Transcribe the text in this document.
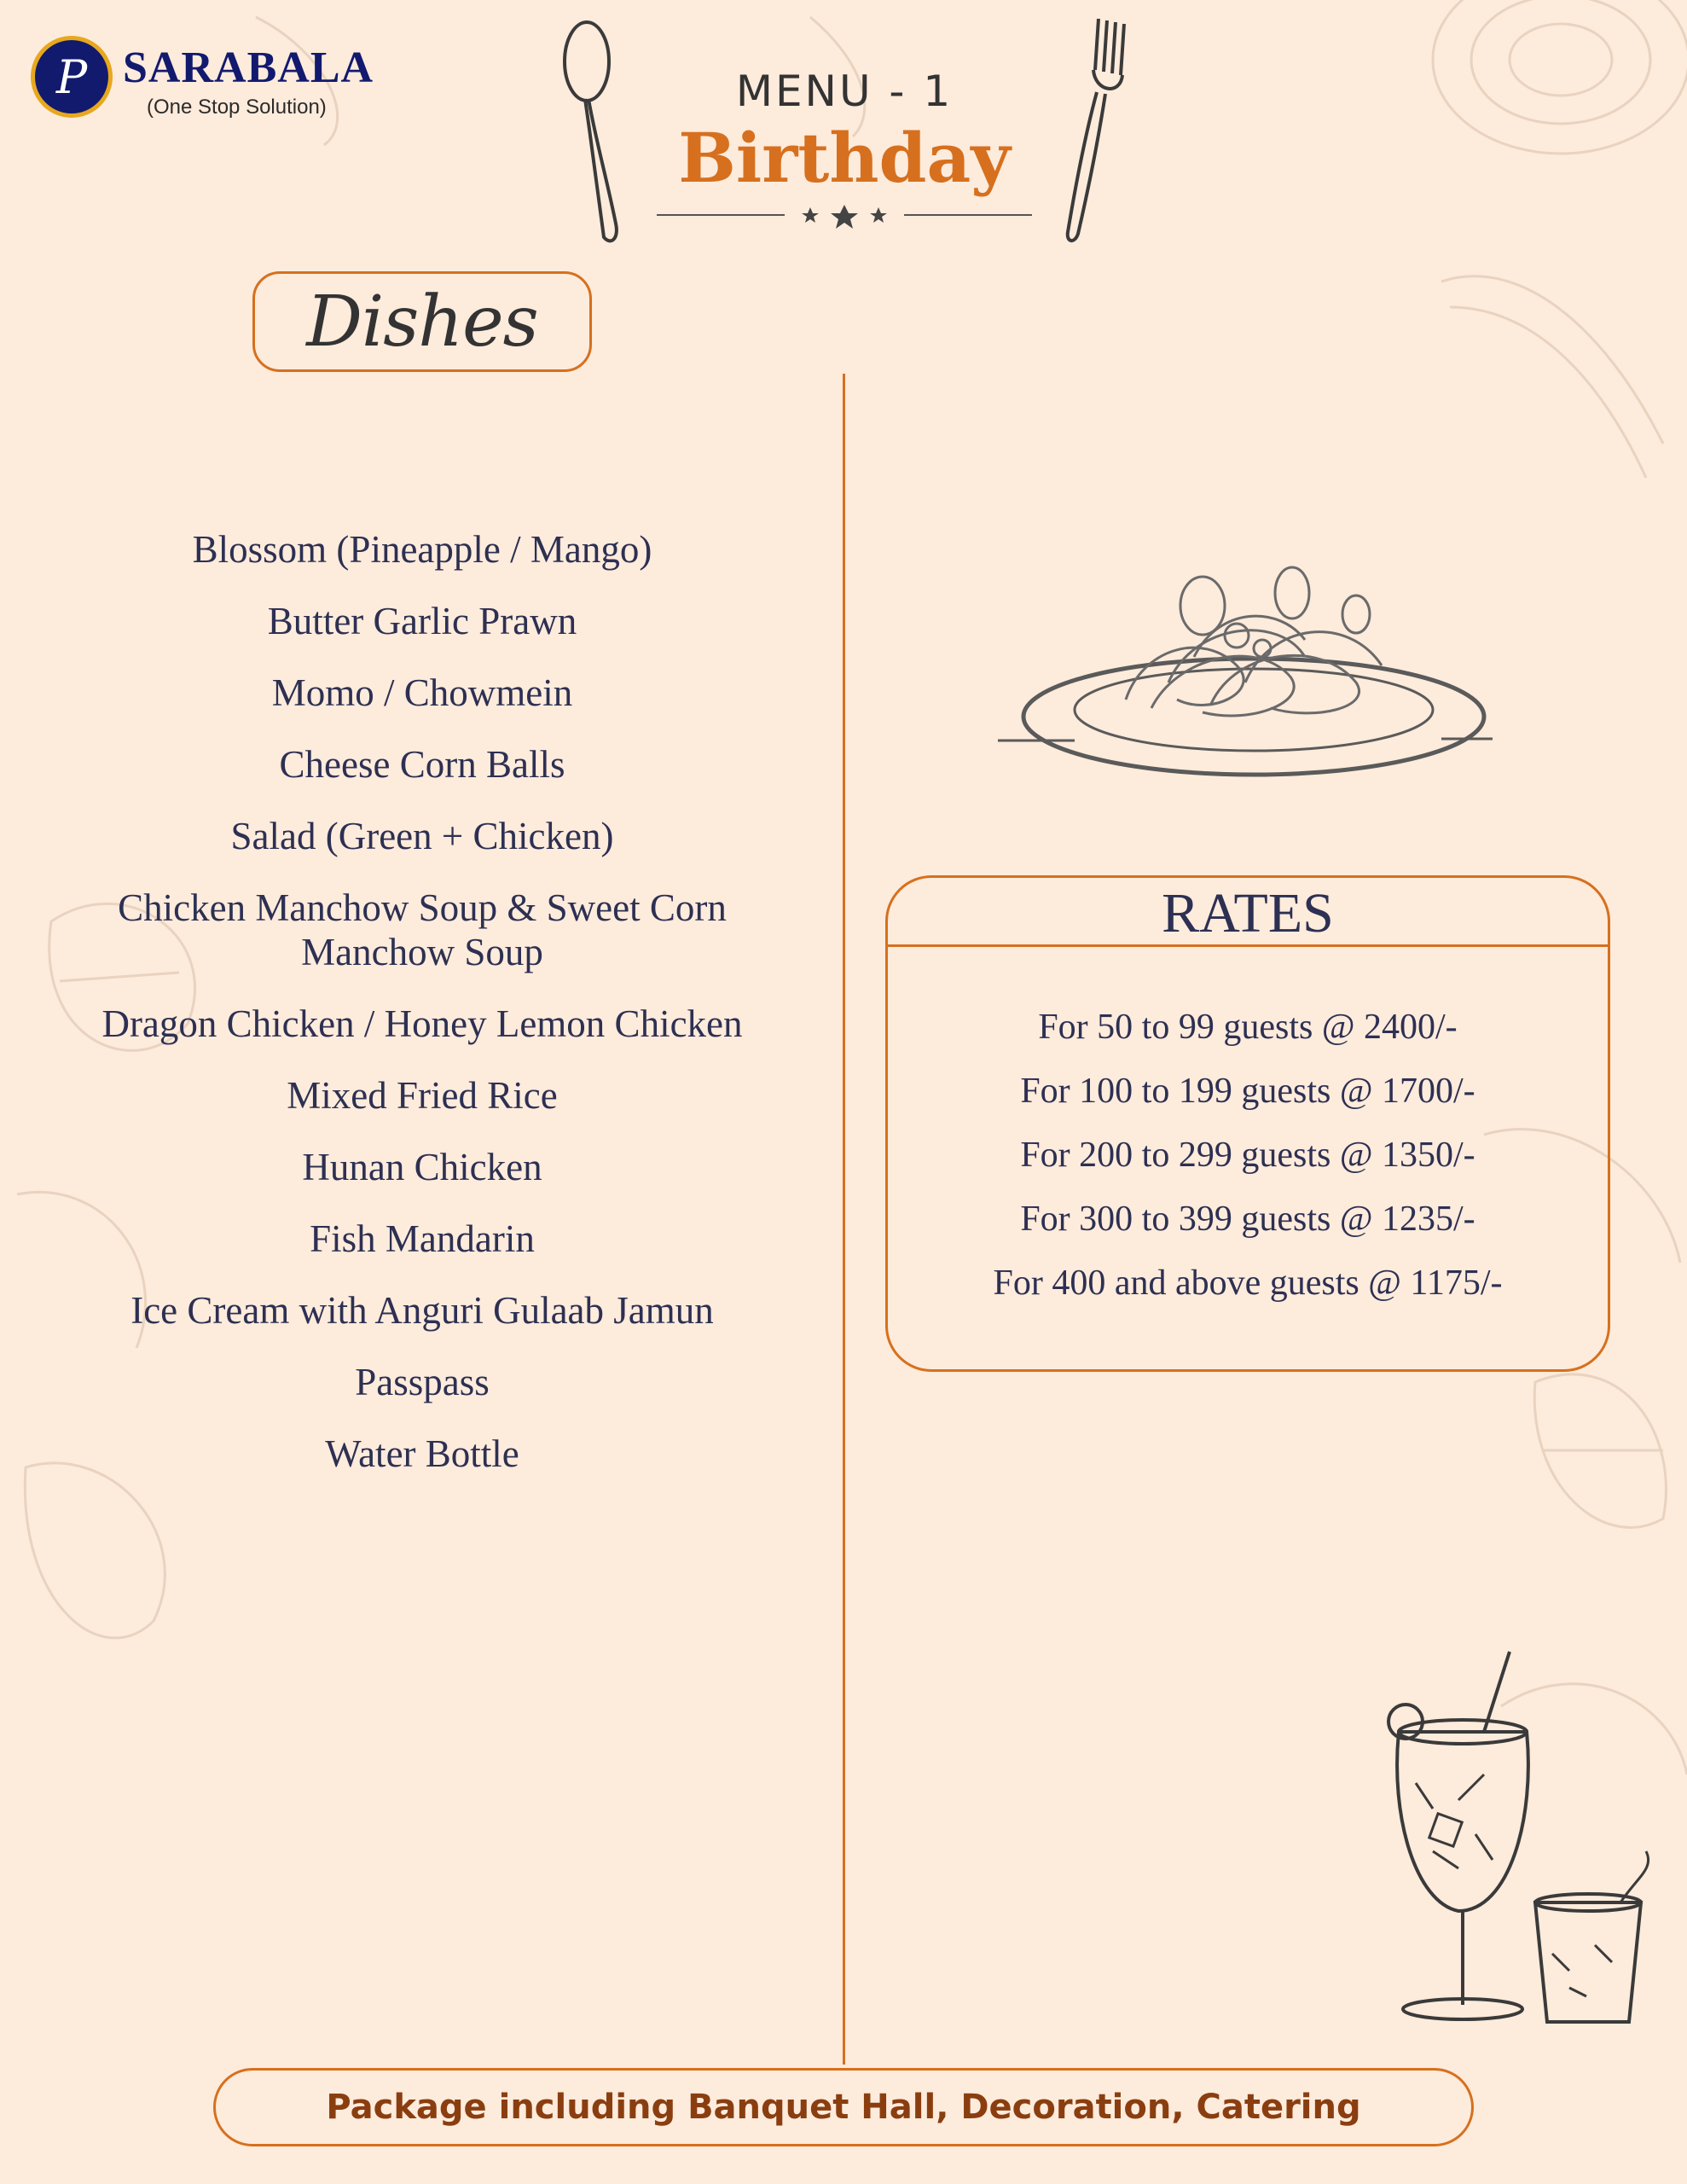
P SARABALA
(One Stop Solution)	MENU - 1
Birthday
Dishes
Blossom (Pineapple / Mango)
Butter Garlic Prawn
Momo / Chowmein
Cheese Corn Balls
Salad (Green + Chicken)
Chicken Manchow Soup & Sweet Corn Manchow Soup
Dragon Chicken / Honey Lemon Chicken
Mixed Fried Rice
Hunan Chicken
Fish Mandarin
Ice Cream with Anguri Gulaab Jamun
Passpass
Water Bottle
RATES
For 50 to 99 guests @ 2400/-
For 100 to 199 guests @ 1700/-
For 200 to 299 guests @ 1350/-
For 300 to 399 guests @ 1235/-
For 400 and above guests @ 1175/-
Package including Banquet Hall, Decoration, Catering
